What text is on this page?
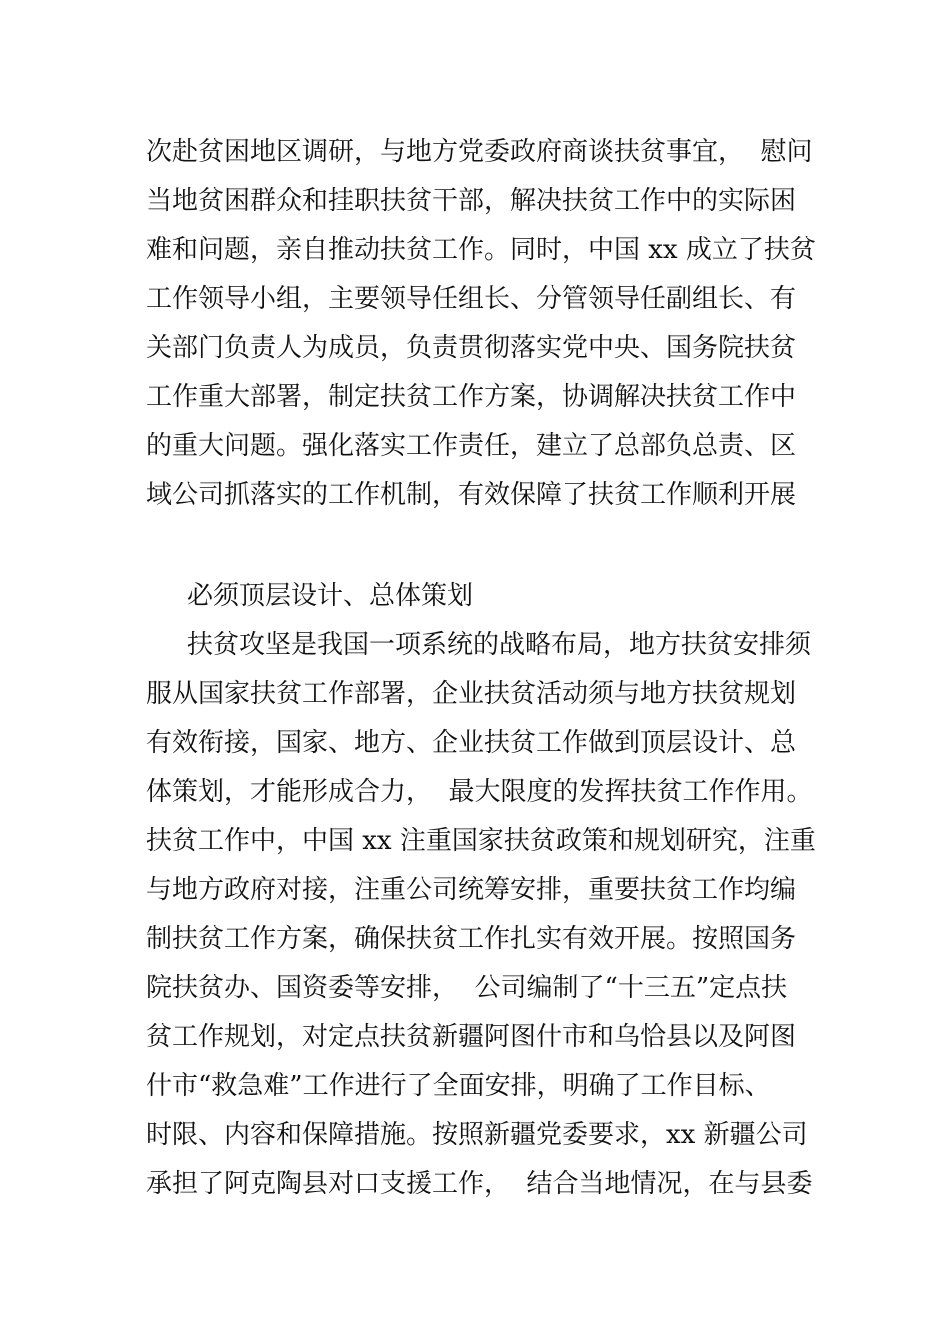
次赴贫困地区调研，与地方党委政府商谈扶贫事宜，  慰问

当地贫困群众和挂职扶贫干部，解决扶贫工作中的实际困

难和问题，亲自推动扶贫工作。同时，中国 xx 成立了扶贫

工作领导小组，主要领导任组长、分管领导任副组长、有

关部门负责人为成员，负责贯彻落实党中央、国务院扶贫

工作重大部署，制定扶贫工作方案，协调解决扶贫工作中

的重大问题。强化落实工作责任，建立了总部负总责、区

域公司抓落实的工作机制，有效保障了扶贫工作顺利开展

必须顶层设计、总体策划

扶贫攻坚是我国一项系统的战略布局，地方扶贫安排须

服从国家扶贫工作部署，企业扶贫活动须与地方扶贫规划

有效衔接，国家、地方、企业扶贫工作做到顶层设计、总

体策划，才能形成合力，  最大限度的发挥扶贫工作作用。

扶贫工作中，中国 xx 注重国家扶贫政策和规划研究，注重

与地方政府对接，注重公司统筹安排，重要扶贫工作均编

制扶贫工作方案，确保扶贫工作扎实有效开展。按照国务

院扶贫办、国资委等安排，  公司编制了“十三五”定点扶

贫工作规划，对定点扶贫新疆阿图什市和乌恰县以及阿图

什市“救急难”工作进行了全面安排，明确了工作目标、

时限、内容和保障措施。按照新疆党委要求，xx 新疆公司

承担了阿克陶县对口支援工作，  结合当地情况，在与县委
